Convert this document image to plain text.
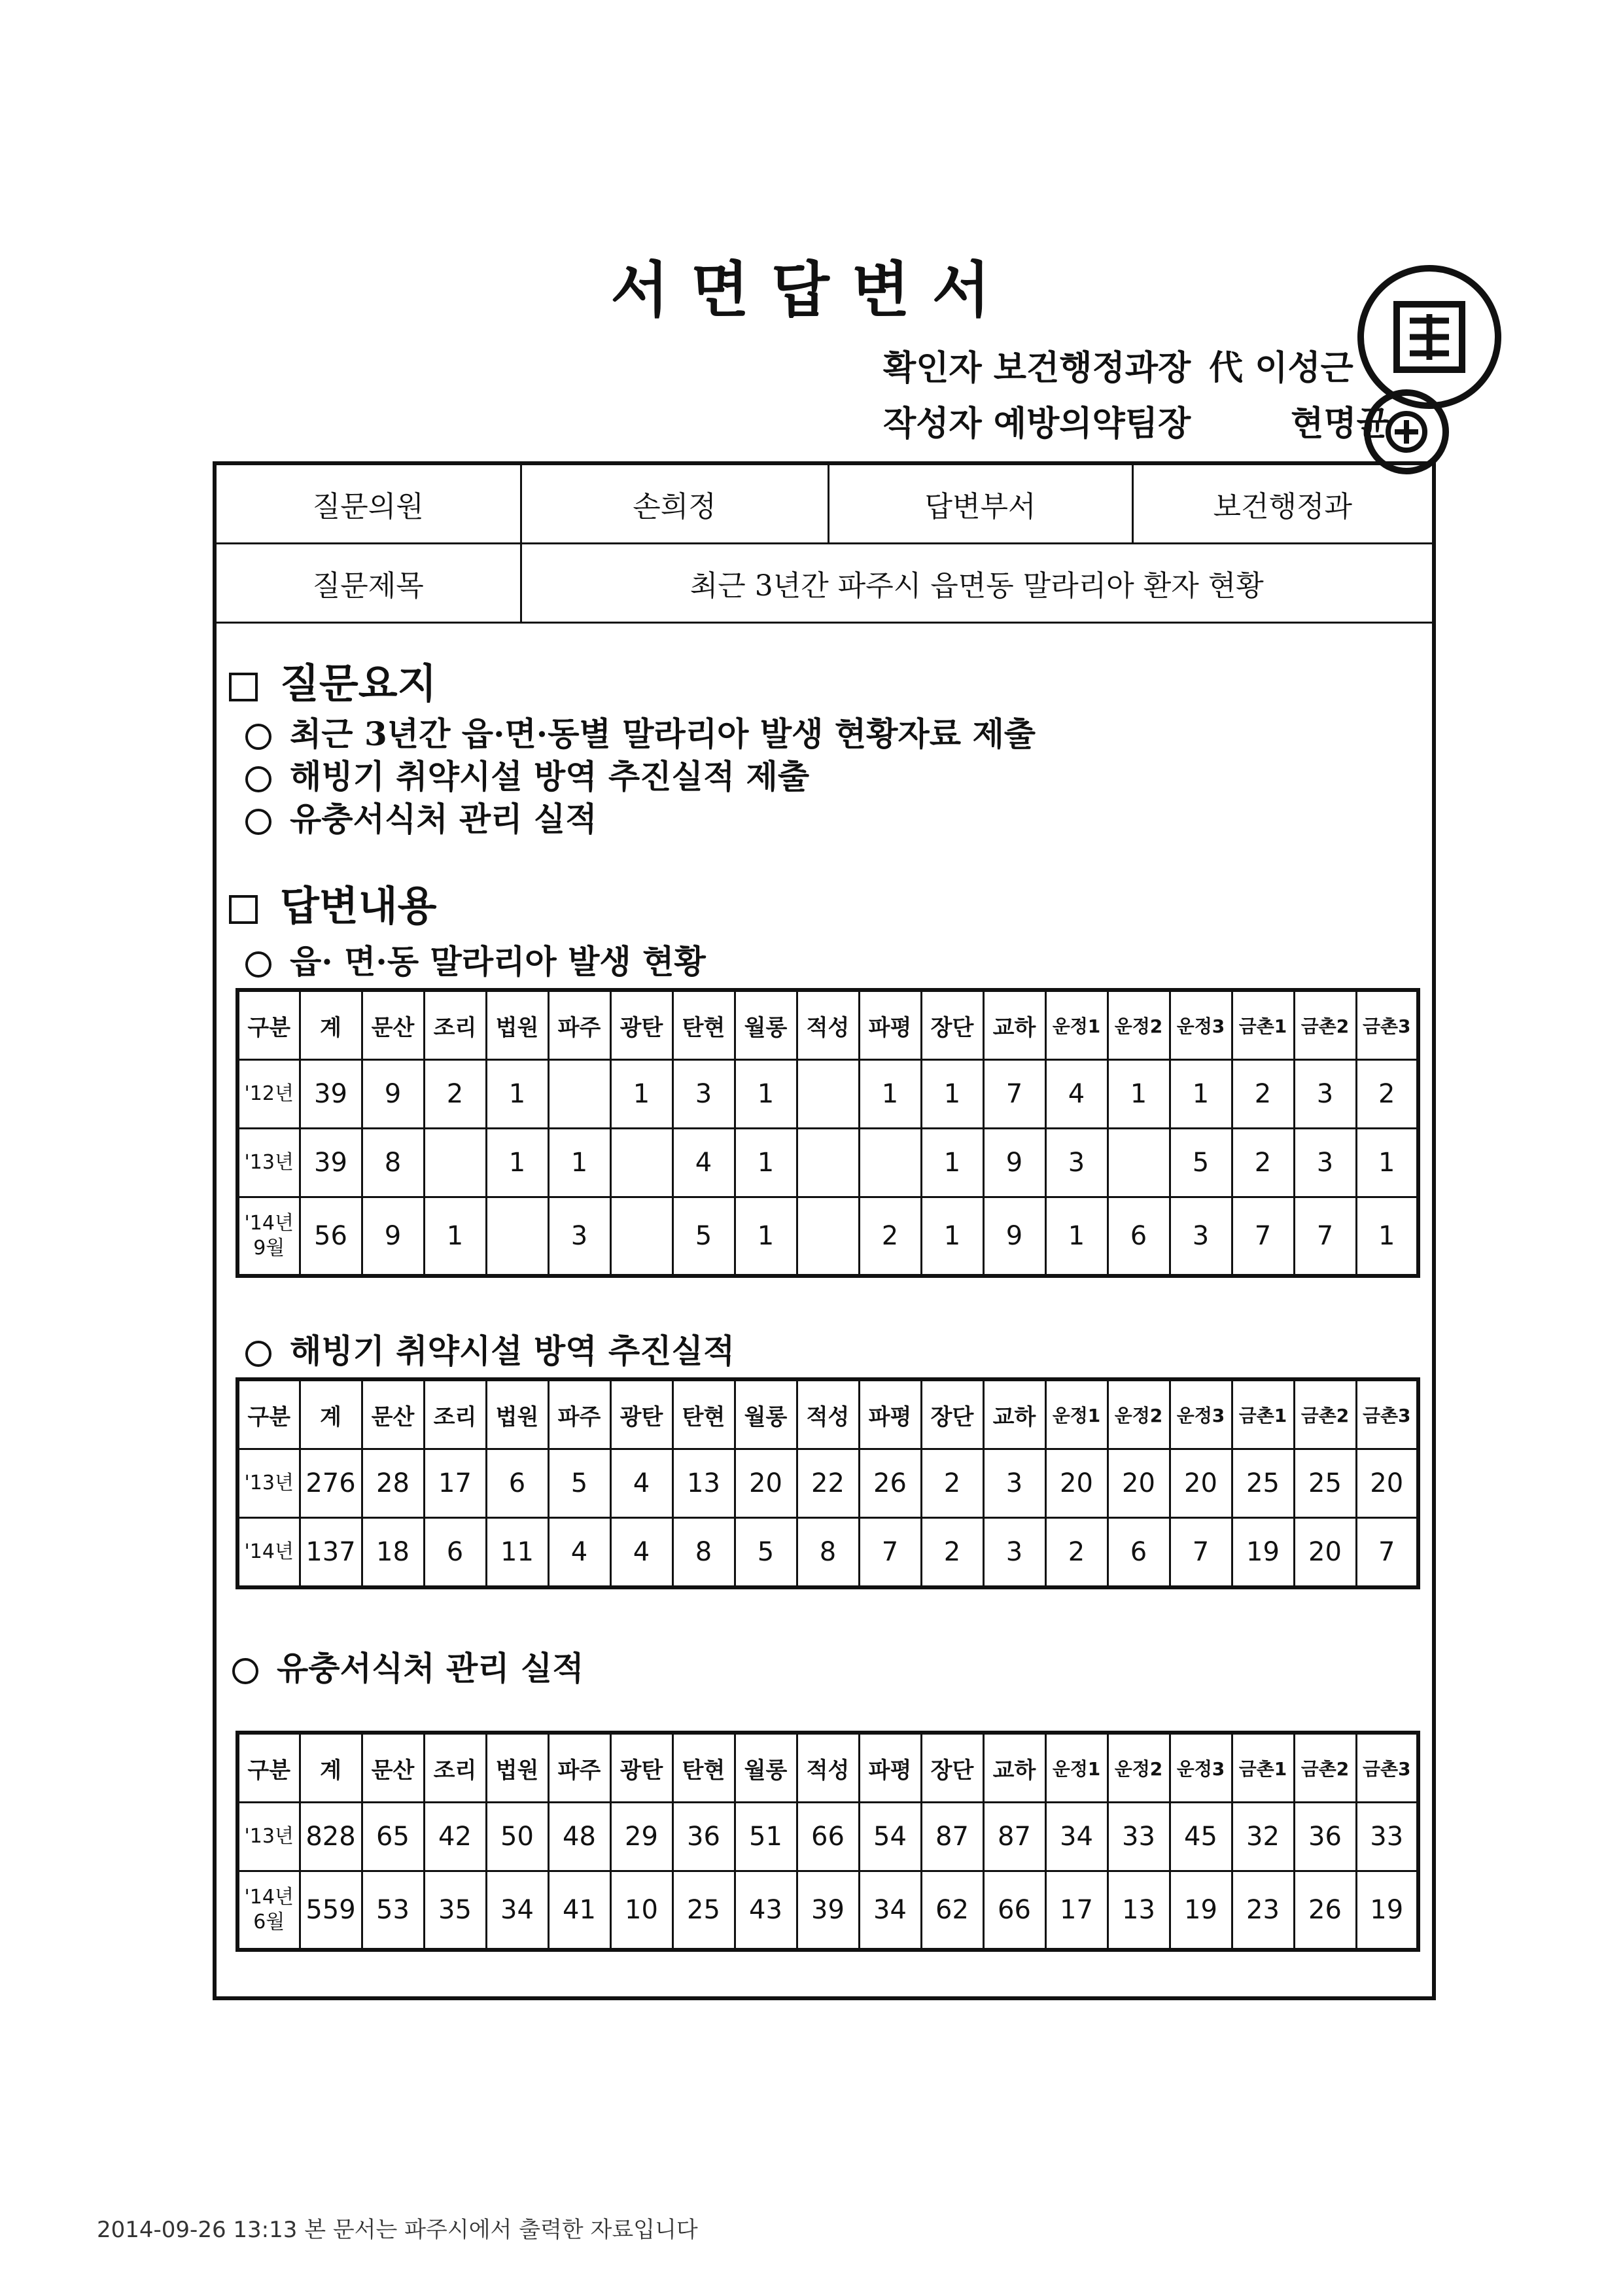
서면답변서
확인자 보건행정과장 代 이성근
작성자 예방의약팀장	현명균
질문의원	손희정	답변부서	보건행정과
질문제목	최근 3년간 파주시 읍면동 말라리아 환자 현황		
질문요지
최근 3년간 읍·면·동별 말라리아 발생 현황자료 제출
해빙기 취약시설 방역 추진실적 제출
유충서식처 관리 실적
답변내용
읍· 면·동 말라리아 발생 현황
구분	계	문산	조리	법원	파주	광탄	탄현	월롱	적성	파평	장단	교하	운정1	운정2	운정3	금촌1	금촌2	금촌3
'12년	39	9	2	1		1	3	1		1	1	7	4	1	1	2	3	2
'13년	39	8		1	1		4	1			1	9	3		5	2	3	1
'14년 9월	56	9	1		3		5	1		2	1	9	1	6	3	7	7	1
해빙기 취약시설 방역 추진실적
구분	계	문산	조리	법원	파주	광탄	탄현	월롱	적성	파평	장단	교하	운정1	운정2	운정3	금촌1	금촌2	금촌3
'13년	276	28	17	6	5	4	13	20	22	26	2	3	20	20	20	25	25	20
'14년	137	18	6	11	4	4	8	5	8	7	2	3	2	6	7	19	20	7
유충서식처 관리 실적
구분	계	문산	조리	법원	파주	광탄	탄현	월롱	적성	파평	장단	교하	운정1	운정2	운정3	금촌1	금촌2	금촌3
'13년	828	65	42	50	48	29	36	51	66	54	87	87	34	33	45	32	36	33
'14년 6월	559	53	35	34	41	10	25	43	39	34	62	66	17	13	19	23	26	19
2014-09-26 13:13 본 문서는 파주시에서 출력한 자료입니다
